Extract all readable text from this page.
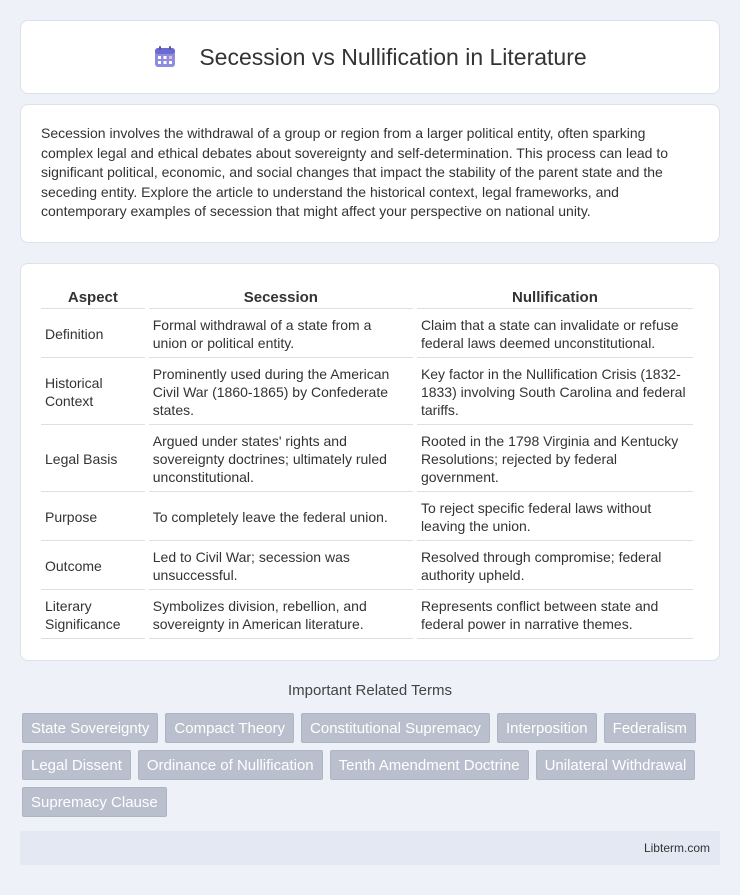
Secession vs Nullification in Literature

Secession involves the withdrawal of a group or region from a larger political entity, often sparking complex legal and ethical debates about sovereignty and self-determination. This process can lead to significant political, economic, and social changes that impact the stability of the parent state and the seceding entity. Explore the article to understand the historical context, legal frameworks, and contemporary examples of secession that might affect your perspective on national unity.

Aspect	Secession	Nullification
Definition	Formal withdrawal of a state from a union or political entity.	Claim that a state can invalidate or refuse federal laws deemed unconstitutional.
Historical Context	Prominently used during the American Civil War (1860-1865) by Confederate states.	Key factor in the Nullification Crisis (1832-1833) involving South Carolina and federal tariffs.
Legal Basis	Argued under states' rights and sovereignty doctrines; ultimately ruled unconstitutional.	Rooted in the 1798 Virginia and Kentucky Resolutions; rejected by federal government.
Purpose	To completely leave the federal union.	To reject specific federal laws without leaving the union.
Outcome	Led to Civil War; secession was unsuccessful.	Resolved through compromise; federal authority upheld.
Literary Significance	Symbolizes division, rebellion, and sovereignty in American literature.	Represents conflict between state and federal power in narrative themes.
Important Related Terms
State Sovereignty	Compact Theory	Constitutional Supremacy	Interposition	Federalism
Legal Dissent	Ordinance of Nullification	Tenth Amendment Doctrine	Unilateral Withdrawal
Supremacy Clause
Libterm.com
